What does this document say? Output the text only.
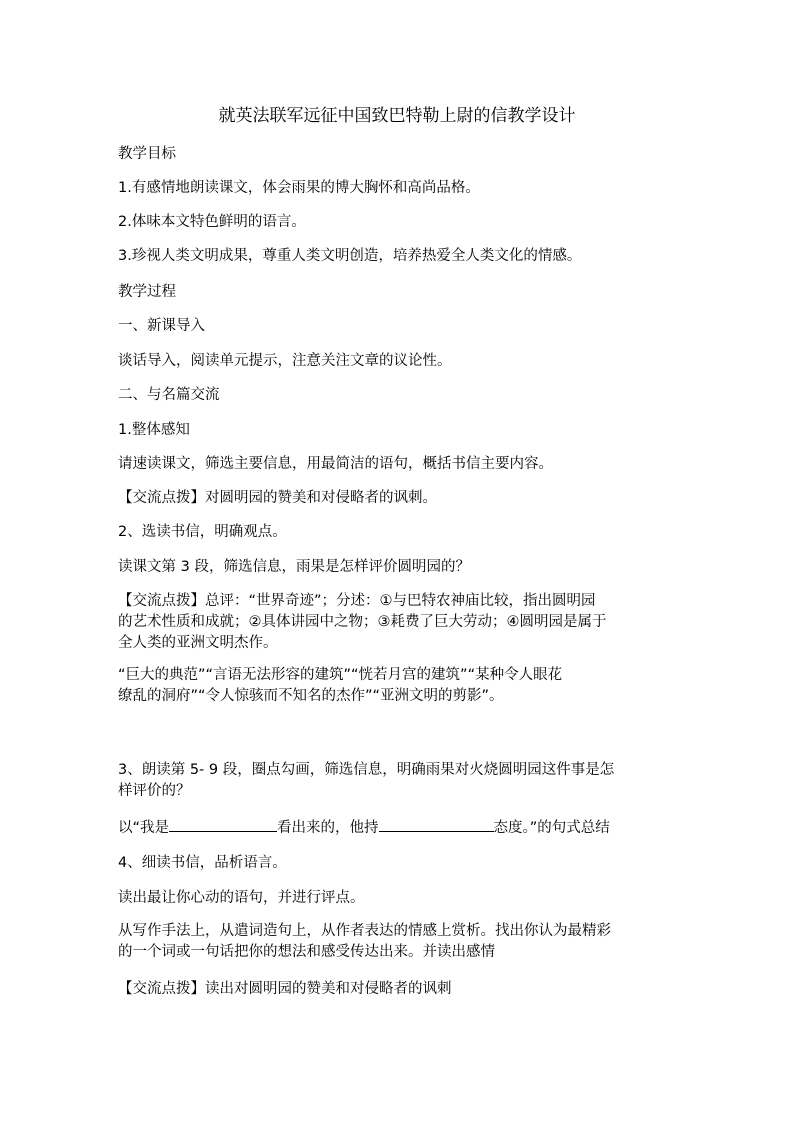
就英法联军远征中国致巴特勒上尉的信教学设计
教学目标
1.有感情地朗读课文，体会雨果的博大胸怀和高尚品格。
2.体味本文特色鲜明的语言。
3.珍视人类文明成果，尊重人类文明创造，培养热爱全人类文化的情感。
教学过程
一、新课导入
谈话导入，阅读单元提示，注意关注文章的议论性。
二、与名篇交流
1.整体感知
请速读课文，筛选主要信息，用最简洁的语句，概括书信主要内容。
【交流点拨】对圆明园的赞美和对侵略者的讽刺。
2、选读书信，明确观点。
读课文第 3 段，筛选信息，雨果是怎样评价圆明园的？
【交流点拨】总评：“世界奇迹”；分述：①与巴特农神庙比较，指出圆明园
的艺术性质和成就；②具体讲园中之物；③耗费了巨大劳动；④圆明园是属于
全人类的亚洲文明杰作。
“巨大的典范”“言语无法形容的建筑”“恍若月宫的建筑”“某种令人眼花
缭乱的洞府”“令人惊骇而不知名的杰作”“亚洲文明的剪影”。
3、朗读第 5- 9 段，圈点勾画，筛选信息，明确雨果对火烧圆明园这件事是怎
样评价的？
以“我是	看出来的，他持	态度。”的句式总结
4、细读书信，品析语言。
读出最让你心动的语句，并进行评点。
从写作手法上，从遣词造句上，从作者表达的情感上赏析。找出你认为最精彩
的一个词或一句话把你的想法和感受传达出来。并读出感情
【交流点拨】读出对圆明园的赞美和对侵略者的讽刺
